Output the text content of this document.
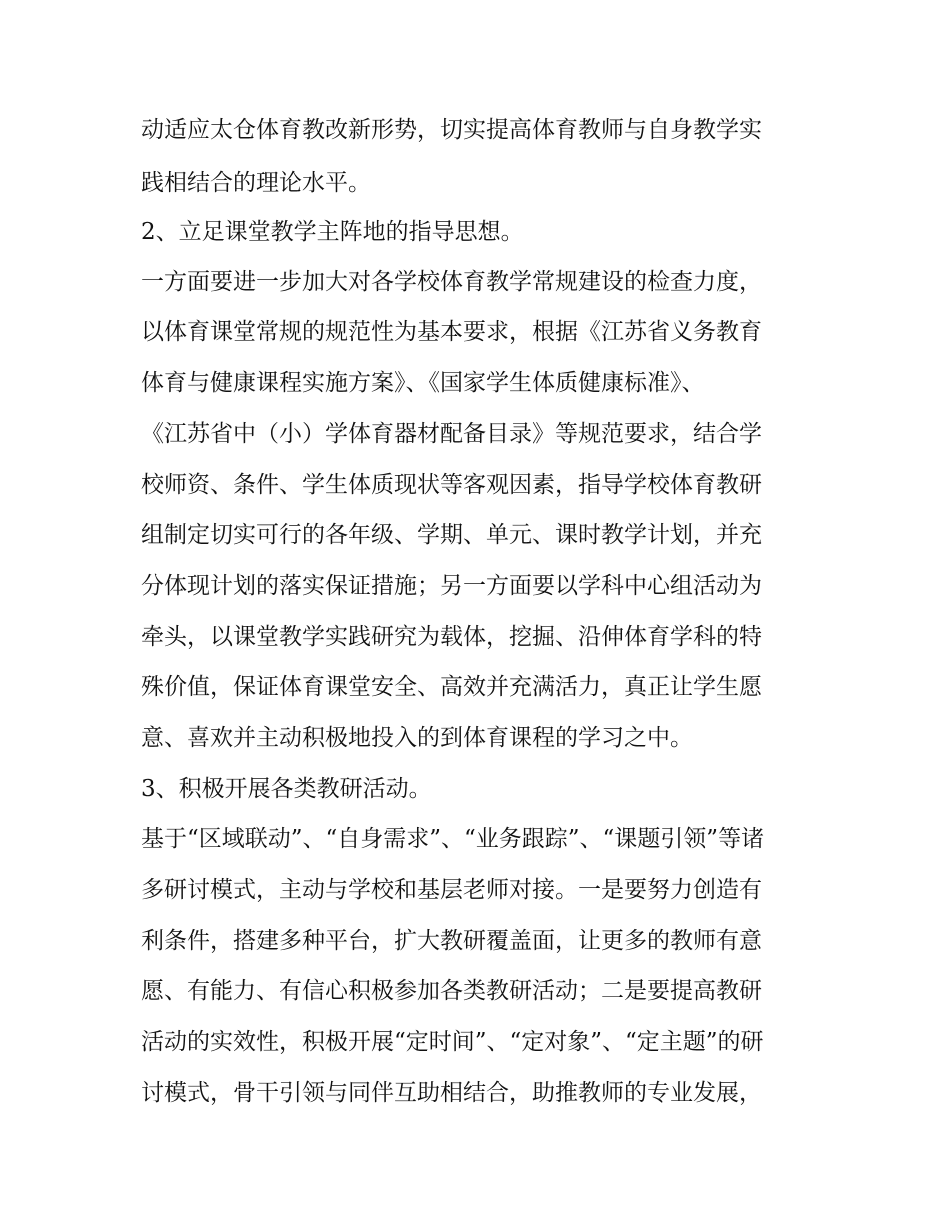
动适应太仓体育教改新形势，切实提高体育教师与自身教学实
践相结合的理论水平。
2、立足课堂教学主阵地的指导思想。
一方面要进一步加大对各学校体育教学常规建设的检查力度，
以体育课堂常规的规范性为基本要求，根据《江苏省义务教育
体育与健康课程实施方案》、《国家学生体质健康标准》、
《江苏省中（小）学体育器材配备目录》等规范要求，结合学
校师资、条件、学生体质现状等客观因素，指导学校体育教研
组制定切实可行的各年级、学期、单元、课时教学计划，并充
分体现计划的落实保证措施；另一方面要以学科中心组活动为
牵头，以课堂教学实践研究为载体，挖掘、沿伸体育学科的特
殊价值，保证体育课堂安全、高效并充满活力，真正让学生愿
意、喜欢并主动积极地投入的到体育课程的学习之中。
3、积极开展各类教研活动。
基于“区域联动”、“自身需求”、“业务跟踪”、“课题引领”等诸
多研讨模式，主动与学校和基层老师对接。一是要努力创造有
利条件，搭建多种平台，扩大教研覆盖面，让更多的教师有意
愿、有能力、有信心积极参加各类教研活动；二是要提高教研
活动的实效性，积极开展“定时间”、“定对象”、“定主题”的研
讨模式，骨干引领与同伴互助相结合，助推教师的专业发展，
